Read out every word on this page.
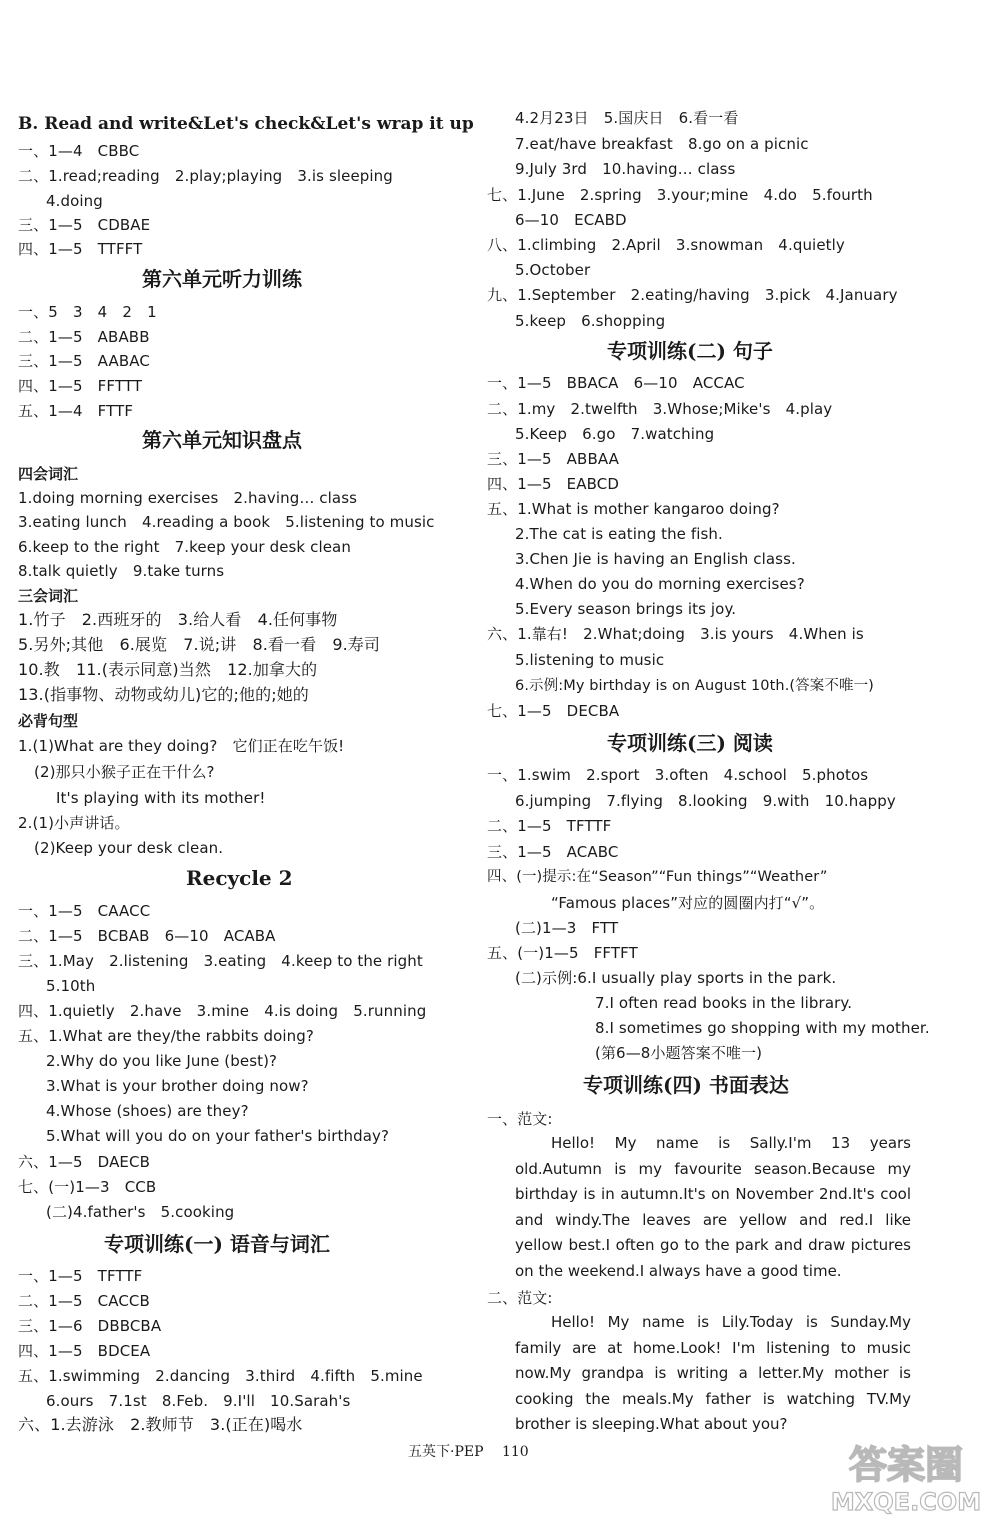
B. Read and write&Let's check&Let's wrap it up
一、1—4　CBBC
二、1.read;reading　2.play;playing　3.is sleeping
4.doing
三、1—5　CDBAE
四、1—5　TTFFT
第六单元听力训练
一、5　3　4　2　1
二、1—5　ABABB
三、1—5　AABAC
四、1—5　FFTTT
五、1—4　FTTF
第六单元知识盘点
四会词汇
1.doing morning exercises　2.having… class
3.eating lunch　4.reading a book　5.listening to music
6.keep to the right　7.keep your desk clean
8.talk quietly　9.take turns
三会词汇
1.竹子　2.西班牙的　3.给人看　4.任何事物
5.另外;其他　6.展览　7.说;讲　8.看一看　9.寿司
10.教　11.(表示同意)当然　12.加拿大的
13.(指事物、动物或幼儿)它的;他的;她的
必背句型
1.(1)What are they doing?　它们正在吃午饭!
(2)那只小猴子正在干什么?
It's playing with its mother!
2.(1)小声讲话。
(2)Keep your desk clean.
Recycle 2
一、1—5　CAACC
二、1—5　BCBAB　6—10　ACABA
三、1.May　2.listening　3.eating　4.keep to the right
5.10th
四、1.quietly　2.have　3.mine　4.is doing　5.running
五、1.What are they/the rabbits doing?
2.Why do you like June (best)?
3.What is your brother doing now?
4.Whose (shoes) are they?
5.What will you do on your father's birthday?
六、1—5　DAECB
七、(一)1—3　CCB
(二)4.father's　5.cooking
专项训练(一) 语音与词汇
一、1—5　TFTTF
二、1—5　CACCB
三、1—6　DBBCBA
四、1—5　BDCEA
五、1.swimming　2.dancing　3.third　4.fifth　5.mine
6.ours　7.1st　8.Feb.　9.I'll　10.Sarah's
六、1.去游泳　2.教师节　3.(正在)喝水
4.2月23日　5.国庆日　6.看一看
7.eat/have breakfast　8.go on a picnic
9.July 3rd　10.having… class
七、1.June　2.spring　3.your;mine　4.do　5.fourth
6—10　ECABD
八、1.climbing　2.April　3.snowman　4.quietly
5.October
九、1.September　2.eating/having　3.pick　4.January
5.keep　6.shopping
专项训练(二) 句子
一、1—5　BBACA　6—10　ACCAC
二、1.my　2.twelfth　3.Whose;Mike's　4.play
5.Keep　6.go　7.watching
三、1—5　ABBAA
四、1—5　EABCD
五、1.What is mother kangaroo doing?
2.The cat is eating the fish.
3.Chen Jie is having an English class.
4.When do you do morning exercises?
5.Every season brings its joy.
六、1.靠右!　2.What;doing　3.is yours　4.When is
5.listening to music
6.示例:My birthday is on August 10th.(答案不唯一)
七、1—5　DECBA
专项训练(三) 阅读
一、1.swim　2.sport　3.often　4.school　5.photos
6.jumping　7.flying　8.looking　9.with　10.happy
二、1—5　TFTTF
三、1—5　ACABC
四、(一)提示:在“Season”“Fun things”“Weather”
“Famous places”对应的圆圈内打“√”。
(二)1—3　FTT
五、(一)1—5　FFTFT
(二)示例:6.I usually play sports in the park.
7.I often read books in the library.
8.I sometimes go shopping with my mother.
(第6—8小题答案不唯一)
专项训练(四) 书面表达
一、范文:
Hello! My name is Sally.I'm 13 years old.Autumn is my favourite season.Because my birthday is in autumn.It's on November 2nd.It's cool and windy.The leaves are yellow and red.I like yellow best.I often go to the park and draw pictures on the weekend.I always have a good time.
二、范文:
Hello! My name is Lily.Today is Sunday.My family are at home.Look! I'm listening to music now.My grandpa is writing a letter.My mother is cooking the meals.My father is watching TV.My brother is sleeping.What about you?
五英下·PEP 110	答案圈
MXQE.COM
